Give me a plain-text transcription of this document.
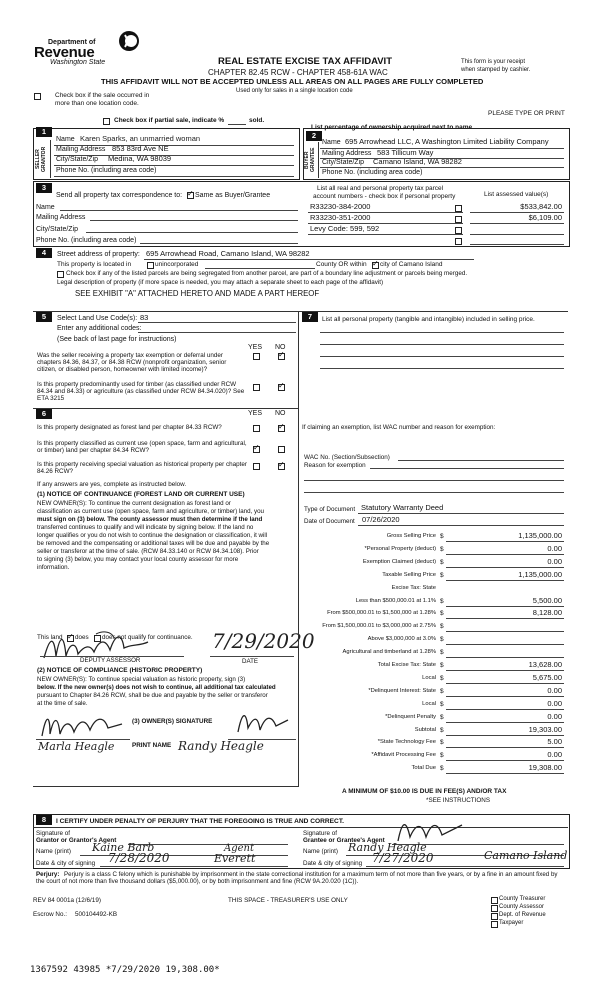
Department of
Revenue
Washington State	REAL ESTATE EXCISE TAX AFFIDAVIT
CHAPTER 82.45 RCW - CHAPTER 458-61A WAC
THIS AFFIDAVIT WILL NOT BE ACCEPTED UNLESS ALL AREAS ON ALL PAGES ARE FULLY COMPLETED
This form is your receipt
when stamped by cashier.
Check box if the sale occurred in
more than one location code.
Used only for sales in a single location code
PLEASE TYPE OR PRINT
Check box if partial sale, indicate %	sold.
List percentage of ownership acquired next to name.
1
SELLER GRANTOR
Name Karen Sparks, an unmarried woman
Mailing Address 853 83rd Ave NE
City/State/Zip Medina, WA 98039
Phone No. (including area code)
2
BUYER GRANTEE
Name 695 Arrowhead LLC, A Washington Limited Liability Company
Mailing Address 583 Tillicum Way
City/State/Zip Camano Island, WA 98282
Phone No. (including area code)
3
Send all property tax correspondence to: ✓ Same as Buyer/Grantee
Name
Mailing Address
City/State/Zip
Phone No. (including area code)
List all real and personal property tax parcel
account numbers - check box if personal property	List assessed value(s)
R33230-384-2000	$533,842.00
R33230-351-2000	$6,109.00
Levy Code: 599, 592
4	Street address of property: 695 Arrowhead Road, Camano Island, WA 98282
This property is located in	unincorporated	County OR within ✓ city of Camano Island
Check box if any of the listed parcels are being segregated from another parcel, are part of a boundary line adjustment or parcels being merged.
Legal description of property (if more space is needed, you may attach a separate sheet to each page of the affidavit)
SEE EXHIBIT "A" ATTACHED HERETO AND MADE A PART HEREOF
5	Select Land Use Code(s): 83
Enter any additional codes:
(See back of last page for instructions)
YES NO
Was the seller receiving a property tax exemption or deferral under chapters 84.36, 84.37, or 84.38 RCW (nonprofit organization, senior citizen, or disabled person, homeowner with limited income)?
✓
Is this property predominantly used for timber (as classified under RCW 84.34 and 84.33) or agriculture (as classified under RCW 84.34.020)? See ETA 3215
✓
6	YES NO
Is this property designated as forest land per chapter 84.33 RCW?
✓
Is this property classified as current use (open space, farm and agricultural, or timber) land per chapter 84.34 RCW?
✓
Is this property receiving special valuation as historical property per chapter 84.26 RCW?
✓
If any answers are yes, complete as instructed below.
(1) NOTICE OF CONTINUANCE (FOREST LAND OR CURRENT USE)
NEW OWNER(S): To continue the current designation as forest land or
classification as current use (open space, farm and agriculture, or timber) land, you
must sign on (3) below. The county assessor must then determine if the land
transferred continues to qualify and will indicate by signing below. If the land no
longer qualifies or you do not wish to continue the designation or classification, it will
be removed and the compensating or additional taxes will be due and payable by the
seller or transferor at the time of sale. (RCW 84.33.140 or RCW 84.34.108). Prior
to signing (3) below, you may contact your local county assessor for more
information.
This land ✓ does does not qualify for continuance. 7/29/2020
DEPUTY ASSESSOR	DATE
(2) NOTICE OF COMPLIANCE (HISTORIC PROPERTY)
NEW OWNER(S): To continue special valuation as historic property, sign (3)
below. If the new owner(s) does not wish to continue, all additional tax calculated
pursuant to Chapter 84.26 RCW, shall be due and payable by the seller or transferor
at the time of sale.
(3) OWNER(S) SIGNATURE
Marla Heagle	PRINT NAME Randy Heagle
7	List all personal property (tangible and intangible) included in selling price.
If claiming an exemption, list WAC number and reason for exemption:
WAC No. (Section/Subsection)
Reason for exemption
Type of Document Statutory Warranty Deed
Date of Document 07/26/2020
Gross Selling Price $	1,135,000.00
*Personal Property (deduct) $	0.00
Exemption Claimed (deduct) $	0.00
Taxable Selling Price $	1,135,000.00
Excise Tax: State
Less than $500,000.01 at 1.1% $	5,500.00
From $500,000.01 to $1,500,000 at 1.28% $	8,128.00
From $1,500,000.01 to $3,000,000 at 2.75% $
Above $3,000,000 at 3.0% $
Agricultural and timberland at 1.28% $
Total Excise Tax: State $	13,628.00
Local $	5,675.00
*Delinquent Interest: State $	0.00
Local $	0.00
*Delinquent Penalty $	0.00
Subtotal $	19,303.00
*State Technology Fee $	5.00
*Affidavit Processing Fee $	0.00
Total Due $	19,308.00
A MINIMUM OF $10.00 IS DUE IN FEE(S) AND/OR TAX
*SEE INSTRUCTIONS
8	I CERTIFY UNDER PENALTY OF PERJURY THAT THE FOREGOING IS TRUE AND CORRECT.
Signature of
Grantor or Grantor's Agent
Name (print) Kaine Barb	Agent
Date & city of signing 7/28/2020	Everett
Signature of
Grantee or Grantee's Agent
Name (print) Randy Heagle
Date & city of signing 7/27/2020	Camano Island
Perjury: Perjury is a class C felony which is punishable by imprisonment in the state correctional institution for a maximum term of not more than five years, or by a fine in an amount fixed by the court of not more than five thousand dollars ($5,000.00), or by both imprisonment and fine (RCW 9A.20.020 (1C)).
REV 84 0001a (12/6/19)	THIS SPACE - TREASURER'S USE ONLY
Escrow No.: 500104492-KB
County Treasurer
County Assessor
Dept. of Revenue
Taxpayer
1367592 43985 *7/29/2020 19,308.00*
